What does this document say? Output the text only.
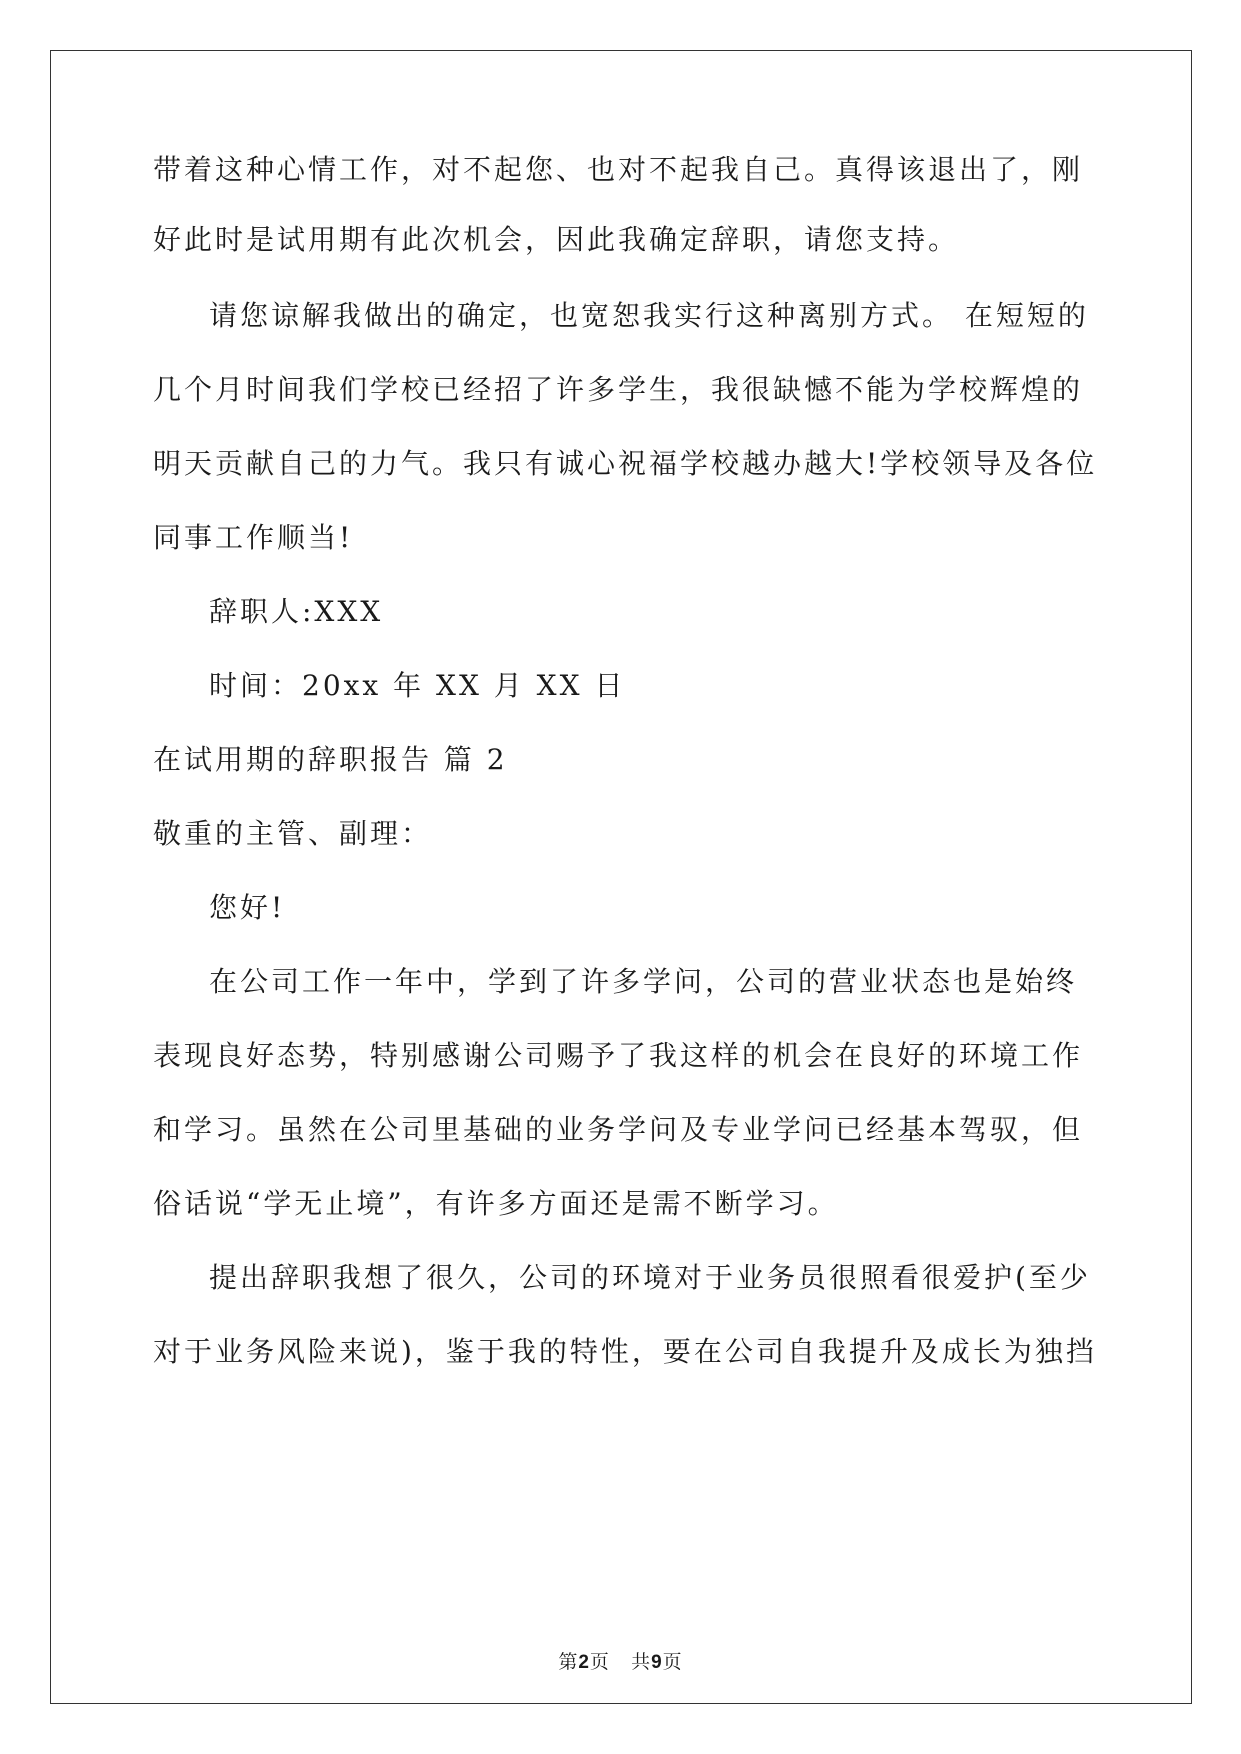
带着这种心情工作，对不起您、也对不起我自己。真得该退出了，刚
好此时是试用期有此次机会，因此我确定辞职，请您支持。
请您谅解我做出的确定，也宽恕我实行这种离别方式。 在短短的
几个月时间我们学校已经招了许多学生，我很缺憾不能为学校辉煌的
明天贡献自己的力气。我只有诚心祝福学校越办越大!学校领导及各位
同事工作顺当!
辞职人:XXX
时间：20xx 年 XX 月 XX 日
在试用期的辞职报告 篇 2
敬重的主管、副理：
您好!
在公司工作一年中，学到了许多学问，公司的营业状态也是始终
表现良好态势，特别感谢公司赐予了我这样的机会在良好的环境工作
和学习。虽然在公司里基础的业务学问及专业学问已经基本驾驭，但
俗话说“学无止境”，有许多方面还是需不断学习。
提出辞职我想了很久，公司的环境对于业务员很照看很爱护(至少
对于业务风险来说)，鉴于我的特性，要在公司自我提升及成长为独挡
第2页 共9页
